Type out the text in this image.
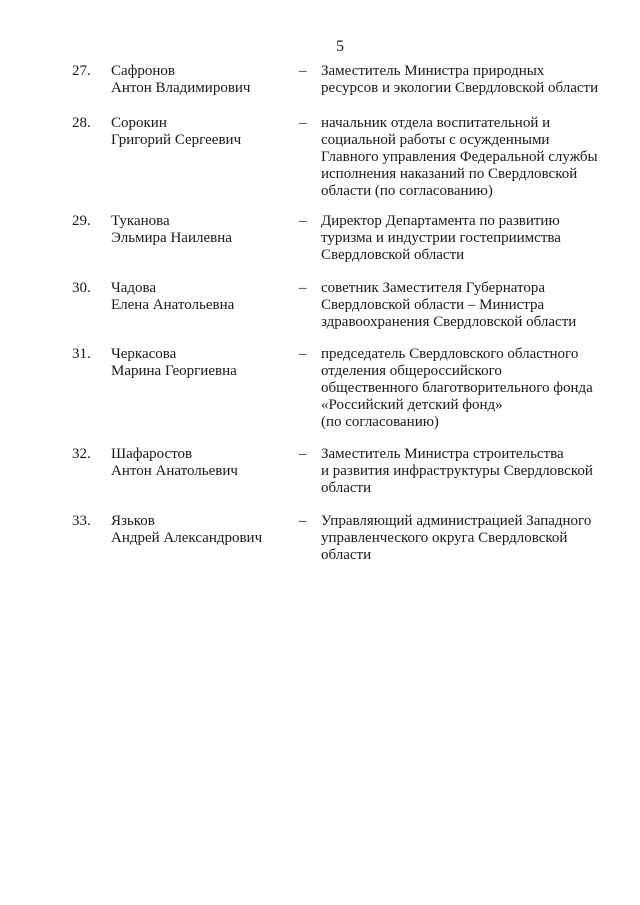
5
27. Сафронов
Антон Владимирович
– Заместитель Министра природных
ресурсов и экологии Свердловской области
28. Сорокин
Григорий Сергеевич
– начальник отдела воспитательной и
социальной работы с осужденными
Главного управления Федеральной службы
исполнения наказаний по Свердловской
области (по согласованию)
29. Туканова
Эльмира Наилевна
– Директор Департамента по развитию
туризма и индустрии гостеприимства
Свердловской области
30. Чадова
Елена Анатольевна
– советник Заместителя Губернатора
Свердловской области – Министра
здравоохранения Свердловской области
31. Черкасова
Марина Георгиевна
– председатель Свердловского областного
отделения общероссийского
общественного благотворительного фонда
«Российский детский фонд»
(по согласованию)
32. Шафаростов
Антон Анатольевич
– Заместитель Министра строительства
и развития инфраструктуры Свердловской
области
33. Язьков
Андрей Александрович
– Управляющий администрацией Западного
управленческого округа Свердловской
области
